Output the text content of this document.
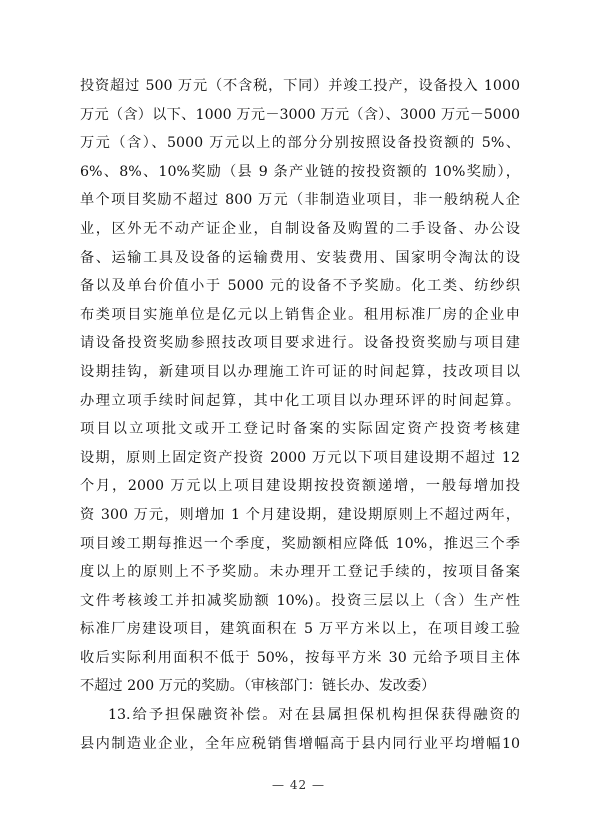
投资超过 500 万元（不含税，下同）并竣工投产，设备投入 1000
万元（含）以下、1000 万元－3000 万元（含）、3000 万元－5000
万元（含）、5000 万元以上的部分分别按照设备投资额的 5%、
6%、8%、10%奖励（县 9 条产业链的按投资额的 10%奖励），
单个项目奖励不超过 800 万元（非制造业项目，非一般纳税人企
业，区外无不动产证企业，自制设备及购置的二手设备、办公设
备、运输工具及设备的运输费用、安装费用、国家明令淘汰的设
备以及单台价值小于 5000 元的设备不予奖励。化工类、纺纱织
布类项目实施单位是亿元以上销售企业。租用标准厂房的企业申
请设备投资奖励参照技改项目要求进行。设备投资奖励与项目建
设期挂钩，新建项目以办理施工许可证的时间起算，技改项目以
办理立项手续时间起算，其中化工项目以办理环评的时间起算。
项目以立项批文或开工登记时备案的实际固定资产投资考核建
设期，原则上固定资产投资 2000 万元以下项目建设期不超过 12
个月，2000 万元以上项目建设期按投资额递增，一般每增加投
资 300 万元，则增加 1 个月建设期，建设期原则上不超过两年，
项目竣工期每推迟一个季度，奖励额相应降低 10%，推迟三个季
度以上的原则上不予奖励。未办理开工登记手续的，按项目备案
文件考核竣工并扣减奖励额 10%)。投资三层以上（含）生产性
标准厂房建设项目，建筑面积在 5 万平方米以上，在项目竣工验
收后实际利用面积不低于 50%，按每平方米 30 元给予项目主体
不超过 200 万元的奖励。（审核部门：链长办、发改委）
13.给予担保融资补偿。对在县属担保机构担保获得融资的
县内制造业企业，全年应税销售增幅高于县内同行业平均增幅10
— 42 —
